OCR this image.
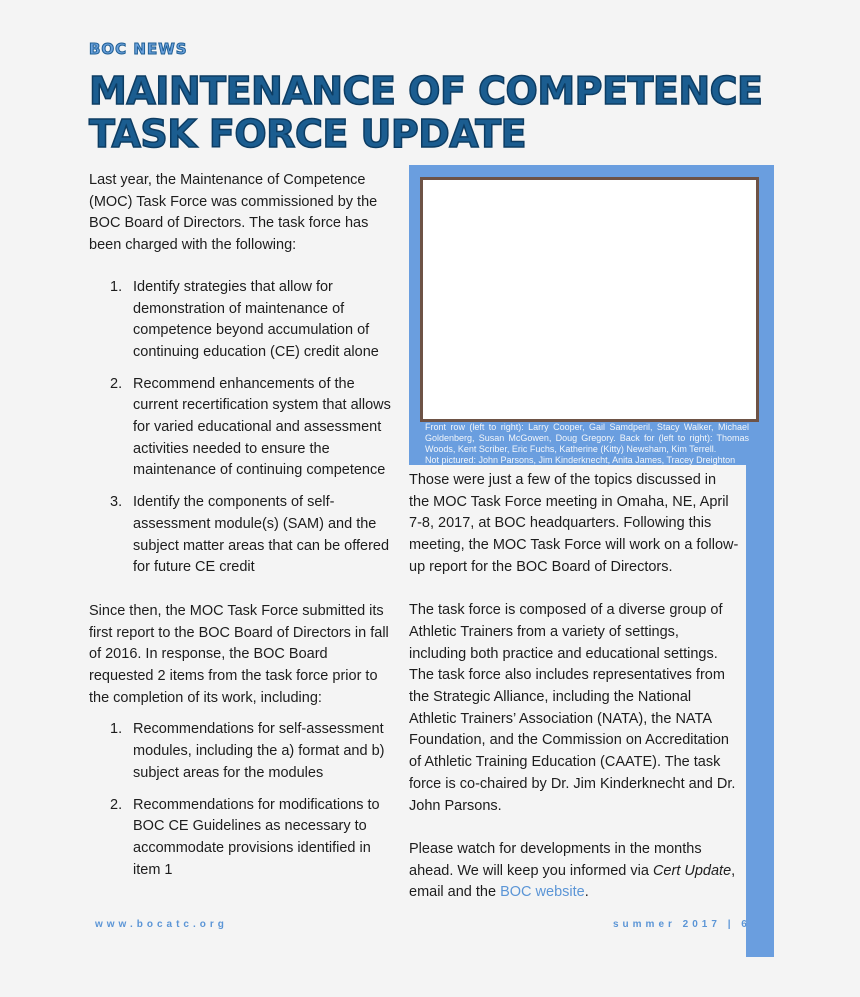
BOC NEWS
MAINTENANCE OF COMPETENCE
TASK FORCE UPDATE

Last year, the Maintenance of Competence (MOC) Task Force was commissioned by the BOC Board of Directors. The task force has been charged with the following:

1. Identify strategies that allow for demonstration of maintenance of competence beyond accumulation of continuing education (CE) credit alone
2. Recommend enhancements of the current recertification system that allows for varied educational and assessment activities needed to ensure the maintenance of continuing competence
3. Identify the components of self-assessment module(s) (SAM) and the subject matter areas that can be offered for future CE credit

Since then, the MOC Task Force submitted its first report to the BOC Board of Directors in fall of 2016. In response, the BOC Board requested 2 items from the task force prior to the completion of its work, including:

1. Recommendations for self-assessment modules, including the a) format and b) subject areas for the modules
2. Recommendations for modifications to BOC CE Guidelines as necessary to accommodate provisions identified in item 1

Front row (left to right): Larry Cooper, Gail Samdperil, Stacy Walker, Michael Goldenberg, Susan McGowen, Doug Gregory. Back for (left to right): Thomas Woods, Kent Scriber, Eric Fuchs, Katherine (Kitty) Newsham, Kim Terrell.

Not pictured: John Parsons, Jim Kinderknecht, Anita James, Tracey Dreighton

Those were just a few of the topics discussed in the MOC Task Force meeting in Omaha, NE, April 7-8, 2017, at BOC headquarters. Following this meeting, the MOC Task Force will work on a follow-up report for the BOC Board of Directors.

The task force is composed of a diverse group of Athletic Trainers from a variety of settings, including both practice and educational settings. The task force also includes representatives from the Strategic Alliance, including the National Athletic Trainers’ Association (NATA), the NATA Foundation, and the Commission on Accreditation of Athletic Training Education (CAATE). The task force is co-chaired by Dr. Jim Kinderknecht and Dr. John Parsons.

Please watch for developments in the months ahead. We will keep you informed via Cert Update, email and the BOC website.

www.bocatc.org	summer 2017 | 6
